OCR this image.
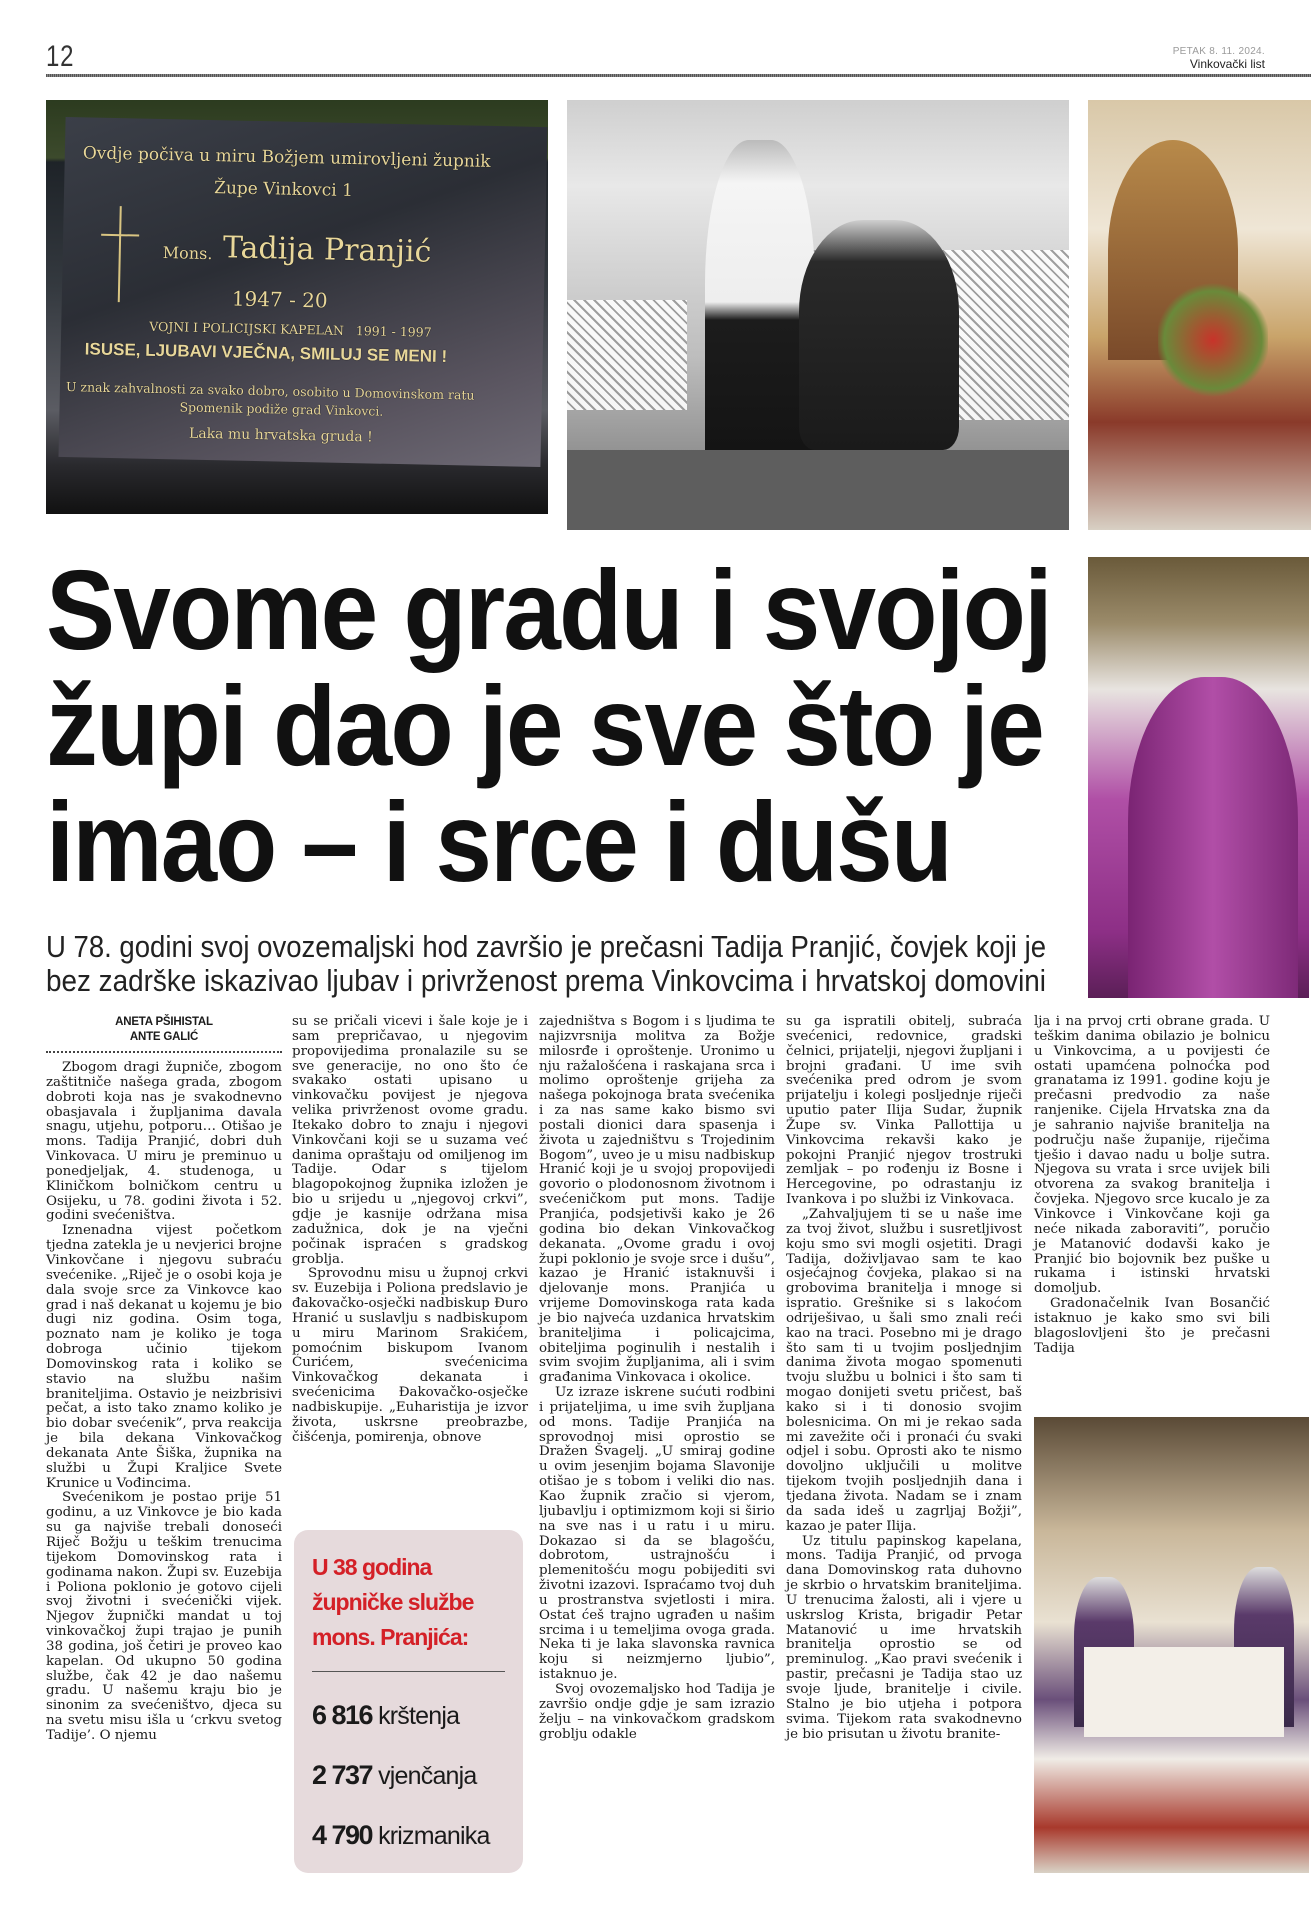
12	PETAK 8. 11. 2024.
Vinkovački list
Ovdje počiva u miru Božjem umirovljeni župnik
Župe Vinkovci 1
Mons. Tadija Pranjić
1947 - 20
VOJNI I POLICIJSKI KAPELAN   1991 - 1997
ISUSE, LJUBAVI VJEČNA, SMILUJ SE MENI !
U znak zahvalnosti za svako dobro, osobito u Domovinskom ratu
Spomenik podiže grad Vinkovci.
Laka mu hrvatska gruda !
Svome gradu i svojoj
župi dao je sve što je
imao – i srce i dušu
U 78. godini svoj ovozemaljski hod završio je prečasni Tadija Pranjić, čovjek koji je
bez zadrške iskazivao ljubav i privrženost prema Vinkovcima i hrvatskoj domovini
ANETA PŠIHISTAL
ANTE GALIĆ

Zbogom dragi župniče, zbogom zaštitniče našega grada, zbogom dobroti koja nas je svakodnevno obasjavala i župljanima davala snagu, utjehu, potporu… Otišao je mons. Tadija Pranjić, dobri duh Vinkovaca. U miru je preminuo u ponedjeljak, 4. studenoga, u Kliničkom bolničkom centru u Osijeku, u 78. godini života i 52. godini svećeništva.

Iznenadna vijest početkom tjedna zatekla je u nevjerici brojne Vinkovčane i njegovu subraću svećenike. „Riječ je o osobi koja je dala svoje srce za Vinkovce kao grad i naš dekanat u kojemu je bio dugi niz godina. Osim toga, poznato nam je koliko je toga dobroga učinio tijekom Domovinskog rata i koliko se stavio na službu našim braniteljima. Ostavio je neizbrisivi pečat, a isto tako znamo koliko je bio dobar svećenik”, prva reakcija je bila dekana Vinkovačkog dekanata Ante Šiška, župnika na službi u Župi Kraljice Svete Krunice u Vođincima.

Svećenikom je postao prije 51 godinu, a uz Vinkovce je bio kada su ga najviše trebali donoseći Riječ Božju u teškim trenucima tijekom Domovinskog rata i godinama nakon. Župi sv. Euzebija i Poliona poklonio je gotovo cijeli svoj životni i svećenički vijek. Njegov župnički mandat u toj vinkovačkoj župi trajao je punih 38 godina, još četiri je proveo kao kapelan. Od ukupno 50 godina službe, čak 42 je dao našemu gradu. U našemu kraju bio je sinonim za svećeništvo, djeca su na svetu misu išla u ‘crkvu svetog Tadije’. O njemu

su se pričali vicevi i šale koje je i sam prepričavao, u njegovim propovijedima pronalazile su se sve generacije, no ono što će svakako ostati upisano u vinkovačku povijest je njegova velika privrženost ovome gradu. Itekako dobro to znaju i njegovi Vinkovčani koji se u suzama već danima opraštaju od omiljenog im Tadije. Odar s tijelom blagopokojnog župnika izložen je bio u srijedu u „njegovoj crkvi”, gdje je kasnije održana misa zadužnica, dok je na vječni počinak ispraćen s gradskog groblja.

Sprovodnu misu u župnoj crkvi sv. Euzebija i Poliona predslavio je đakovačko-osječki nadbiskup Đuro Hranić u suslavlju s nadbiskupom u miru Marinom Srakićem, pomoćnim biskupom Ivanom Ćurićem, svećenicima Vinkovačkog dekanata i svećenicima Đakovačko-osječke nadbiskupije. „Euharistija je izvor života, uskrsne preobrazbe, čišćenja, pomirenja, obnove

U 38 godina
župničke službe
mons. Pranjića:
6 816 krštenja
2 737 vjenčanja
4 790 krizmanika

zajedništva s Bogom i s ljudima te najizvrsnija molitva za Božje milosrđe i oproštenje. Uronimo u nju ražalošćena i raskajana srca i molimo oproštenje grijeha za našega pokojnoga brata svećenika i za nas same kako bismo svi postali dionici dara spasenja i života u zajedništvu s Trojedinim Bogom”, uveo je u misu nadbiskup Hranić koji je u svojoj propovijedi govorio o plodonosnom životnom i svećeničkom put mons. Tadije Pranjića, podsjetivši kako je 26 godina bio dekan Vinkovačkog dekanata. „Ovome gradu i ovoj župi poklonio je svoje srce i dušu”, kazao je Hranić istaknuvši i djelovanje mons. Pranjića u vrijeme Domovinskoga rata kada je bio najveća uzdanica hrvatskim braniteljima i policajcima, obiteljima poginulih i nestalih i svim svojim župljanima, ali i svim građanima Vinkovaca i okolice.

Uz izraze iskrene sućuti rodbini i prijateljima, u ime svih župljana od mons. Tadije Pranjića na sprovodnoj misi oprostio se Dražen Švagelj. „U smiraj godine u ovim jesenjim bojama Slavonije otišao je s tobom i veliki dio nas. Kao župnik zračio si vjerom, ljubavlju i optimizmom koji si širio na sve nas i u ratu i u miru. Dokazao si da se blagošću, dobrotom, ustrajnošću i plemenitošću mogu pobijediti svi životni izazovi. Ispraćamo tvoj duh u prostranstva svjetlosti i mira. Ostat ćeš trajno ugrađen u našim srcima i u temeljima ovoga grada. Neka ti je laka slavonska ravnica koju si neizmjerno ljubio”, istaknuo je.

Svoj ovozemaljsko hod Tadija je završio ondje gdje je sam izrazio želju – na vinkovačkom gradskom groblju odakle

su ga ispratili obitelj, subraća svećenici, redovnice, gradski čelnici, prijatelji, njegovi župljani i brojni građani. U ime svih svećenika pred odrom je svom prijatelju i kolegi posljednje riječi uputio pater Ilija Sudar, župnik Župe sv. Vinka Pallottija u Vinkovcima rekavši kako je pokojni Pranjić njegov trostruki zemljak – po rođenju iz Bosne i Hercegovine, po odrastanju iz Ivankova i po službi iz Vinkovaca.

„Zahvaljujem ti se u naše ime za tvoj život, službu i susretljivost koju smo svi mogli osjetiti. Dragi Tadija, doživljavao sam te kao osjećajnog čovjeka, plakao si na grobovima branitelja i mnoge si ispratio. Grešnike si s lakoćom odriješivao, u šali smo znali reći kao na traci. Posebno mi je drago što sam ti u tvojim posljednjim danima života mogao spomenuti tvoju službu u bolnici i što sam ti mogao donijeti svetu pričest, baš kako si i ti donosio svojim bolesnicima. On mi je rekao sada mi zavežite oči i pronaći ću svaki odjel i sobu. Oprosti ako te nismo dovoljno uključili u molitve tijekom tvojih posljednjih dana i tjedana života. Nadam se i znam da sada ideš u zagrljaj Božji”, kazao je pater Ilija.

Uz titulu papinskog kapelana, mons. Tadija Pranjić, od prvoga dana Domovinskog rata duhovno je skrbio o hrvatskim braniteljima. U trenucima žalosti, ali i vjere u uskrslog Krista, brigadir Petar Matanović u ime hrvatskih branitelja oprostio se od preminulog. „Kao pravi svećenik i pastir, prečasni je Tadija stao uz svoje ljude, branitelje i civile. Stalno je bio utjeha i potpora svima. Tijekom rata svakodnevno je bio prisutan u životu branite-

lja i na prvoj crti obrane grada. U teškim danima obilazio je bolnicu u Vinkovcima, a u povijesti će ostati upamćena polnoćka pod granatama iz 1991. godine koju je prečasni predvodio za naše ranjenike. Cijela Hrvatska zna da je sahranio najviše branitelja na području naše županije, riječima tješio i davao nadu u bolje sutra. Njegova su vrata i srce uvijek bili otvorena za svakog branitelja i čovjeka. Njegovo srce kucalo je za Vinkovce i Vinkovčane koji ga neće nikada zaboraviti”, poručio je Matanović dodavši kako je Pranjić bio bojovnik bez puške u rukama i istinski hrvatski domoljub.

Gradonačelnik Ivan Bosančić istaknuo je kako smo svi bili blagoslovljeni što je prečasni Tadija
